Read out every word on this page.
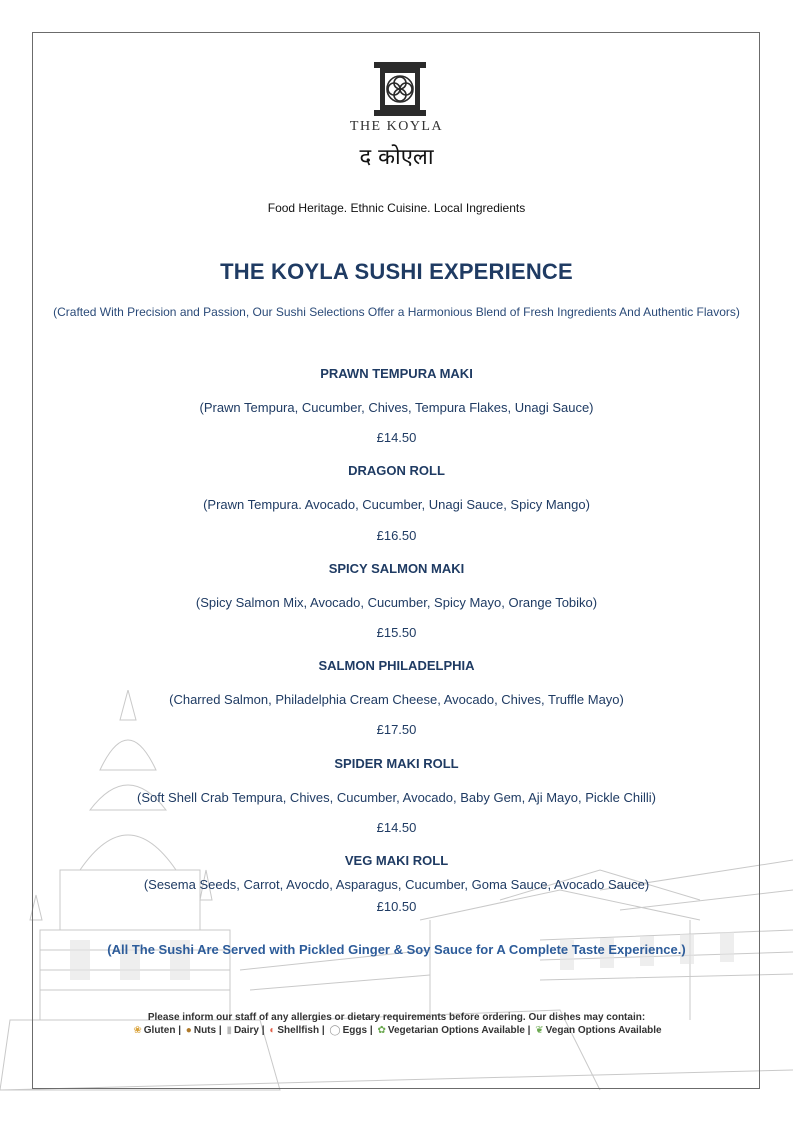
THE KOYLA
द कोएला
Food Heritage. Ethnic Cuisine. Local Ingredients
THE KOYLA SUSHI EXPERIENCE
(Crafted With Precision and Passion, Our Sushi Selections Offer a Harmonious Blend of Fresh Ingredients And Authentic Flavors)
PRAWN TEMPURA MAKI
(Prawn Tempura, Cucumber, Chives, Tempura Flakes, Unagi Sauce)
£14.50
DRAGON ROLL
(Prawn Tempura. Avocado, Cucumber, Unagi Sauce, Spicy Mango)
£16.50
SPICY SALMON MAKI
(Spicy Salmon Mix, Avocado, Cucumber, Spicy Mayo, Orange Tobiko)
£15.50
SALMON PHILADELPHIA
(Charred Salmon, Philadelphia Cream Cheese, Avocado, Chives, Truffle Mayo)
£17.50
SPIDER MAKI ROLL
(Soft Shell Crab Tempura, Chives, Cucumber, Avocado, Baby Gem, Aji Mayo, Pickle Chilli)
£14.50
VEG MAKI ROLL
(Sesema Seeds, Carrot, Avocdo, Asparagus, Cucumber, Goma Sauce, Avocado Sauce)
£10.50
(All The Sushi Are Served with Pickled Ginger & Soy Sauce for A Complete Taste Experience.)
Please inform our staff of any allergies or dietary requirements before ordering. Our dishes may contain:
❀ Gluten | ● Nuts | ▮ Dairy | ◐ Shellfish | ◯ Eggs | ✿ Vegetarian Options Available | ❦ Vegan Options Available
